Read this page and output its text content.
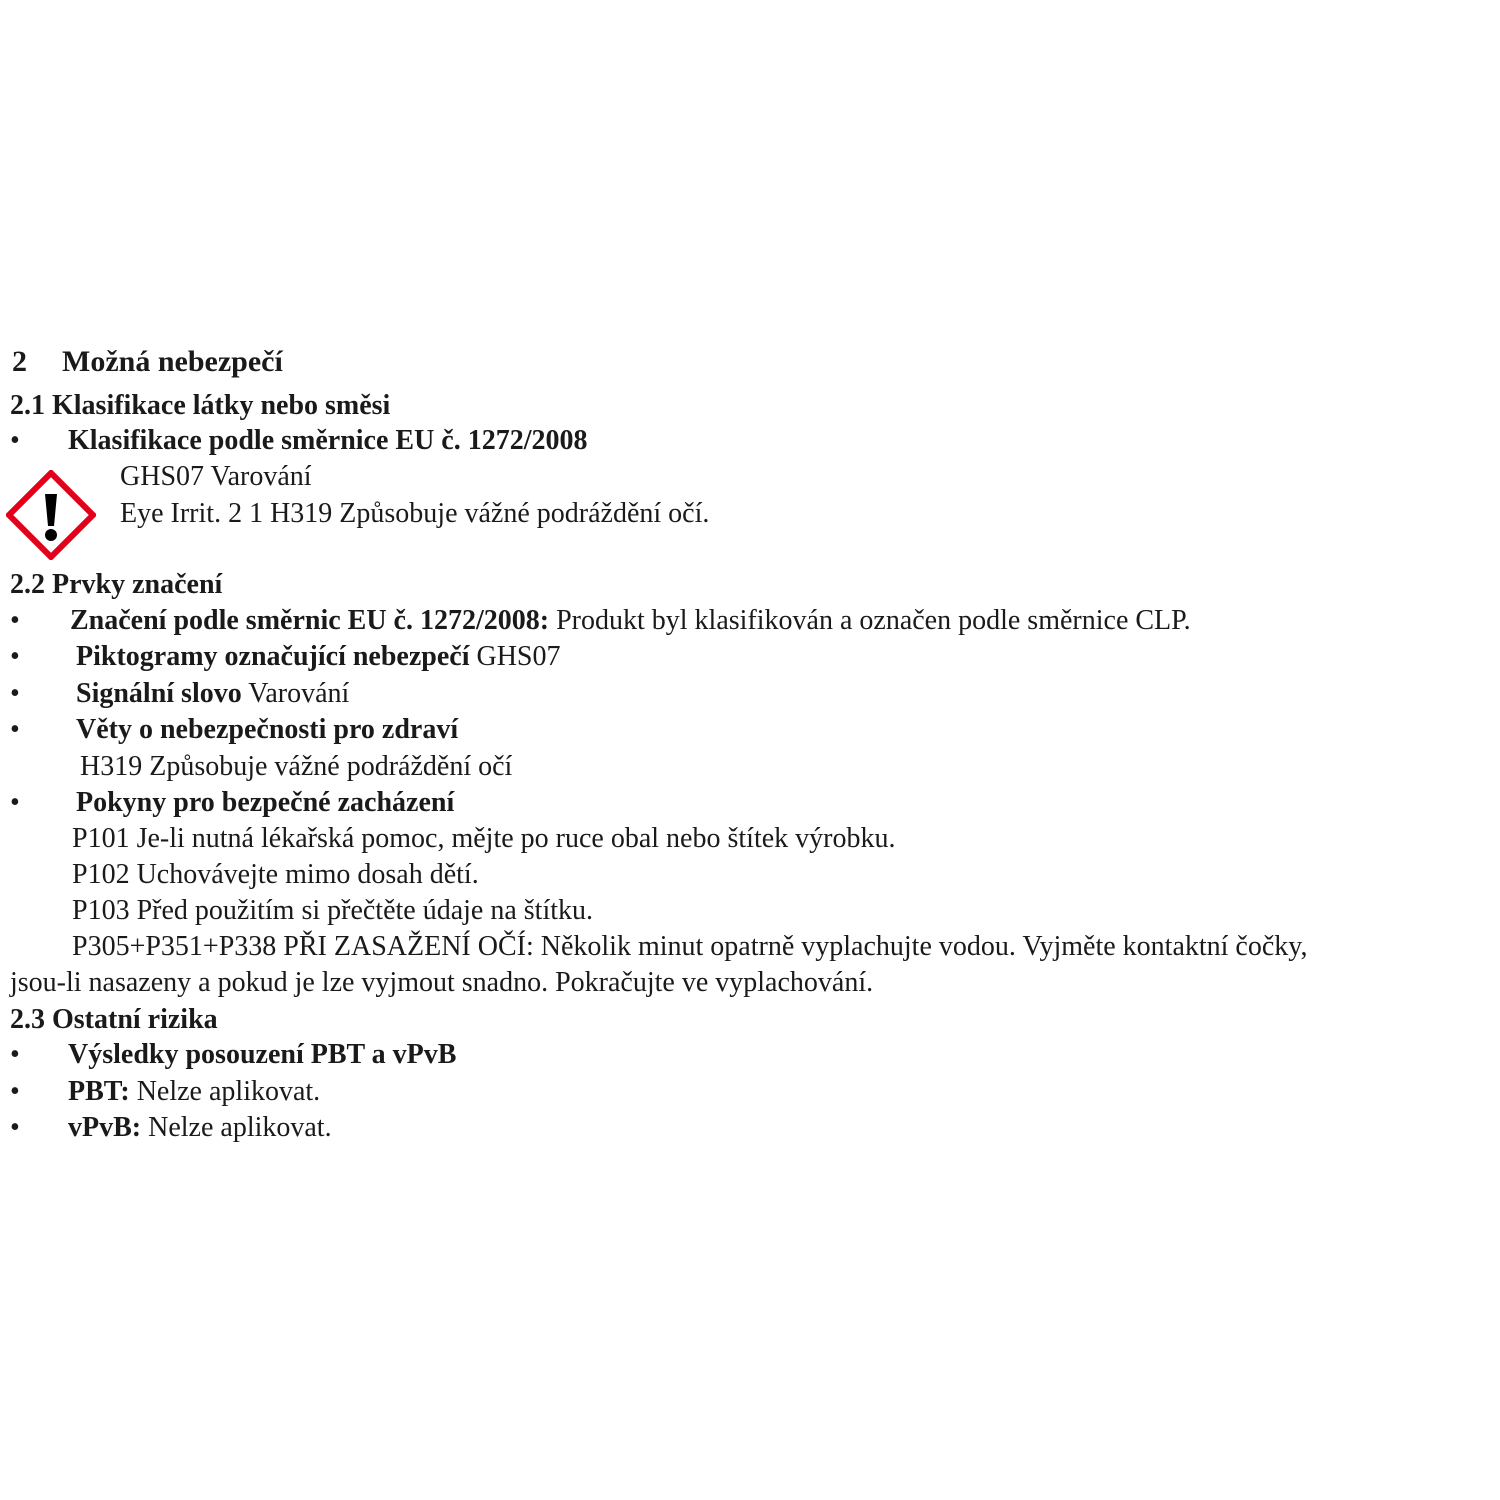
2 Možná nebezpečí
2.1 Klasifikace látky nebo směsi
• Klasifikace podle směrnice EU č. 1272/2008
GHS07 Varování
Eye Irrit. 2 1 H319 Způsobuje vážné podráždění očí.
2.2 Prvky značení
• Značení podle směrnic EU č. 1272/2008: Produkt byl klasifikován a označen podle směrnice CLP.
• Piktogramy označující nebezpečí GHS07
• Signální slovo Varování
• Věty o nebezpečnosti pro zdraví
H319 Způsobuje vážné podráždění očí
• Pokyny pro bezpečné zacházení
P101 Je-li nutná lékařská pomoc, mějte po ruce obal nebo štítek výrobku.
P102 Uchovávejte mimo dosah dětí.
P103 Před použitím si přečtěte údaje na štítku.
P305+P351+P338 PŘI ZASAŽENÍ OČÍ: Několik minut opatrně vyplachujte vodou. Vyjměte kontaktní čočky,
jsou-li nasazeny a pokud je lze vyjmout snadno. Pokračujte ve vyplachování.
2.3 Ostatní rizika
• Výsledky posouzení PBT a vPvB
• PBT: Nelze aplikovat.
• vPvB: Nelze aplikovat.
